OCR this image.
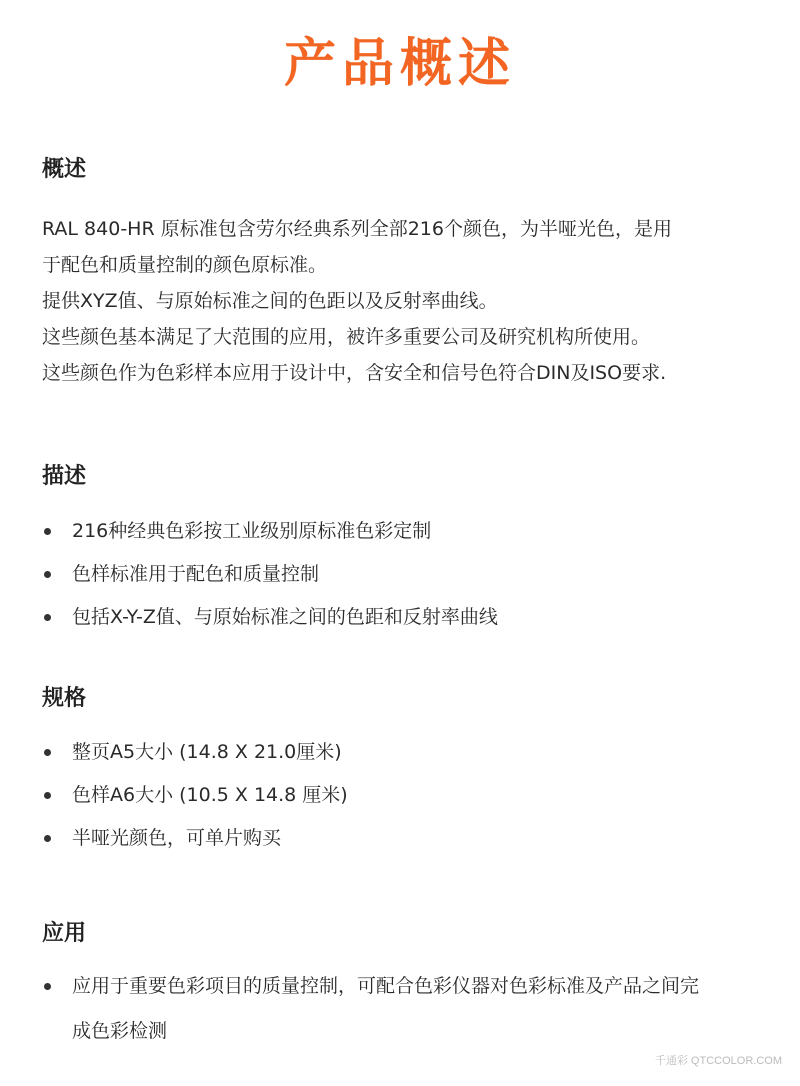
产品概述
概述

RAL 840-HR 原标准包含劳尔经典系列全部216个颜色，为半哑光色，是用

于配色和质量控制的颜色原标准。

提供XYZ值、与原始标准之间的色距以及反射率曲线。

这些颜色基本满足了大范围的应用，被许多重要公司及研究机构所使用。

这些颜色作为色彩样本应用于设计中，含安全和信号色符合DIN及ISO要求.

描述
216种经典色彩按工业级别原标准色彩定制
色样标准用于配色和质量控制
包括X-Y-Z值、与原始标准之间的色距和反射率曲线
规格
整页A5大小 (14.8 X 21.0厘米)
色样A6大小 (10.5 X 14.8 厘米)
半哑光颜色，可单片购买
应用
应用于重要色彩项目的质量控制，可配合色彩仪器对色彩标准及产品之间完
成色彩检测
千通彩 QTCCOLOR.COM
